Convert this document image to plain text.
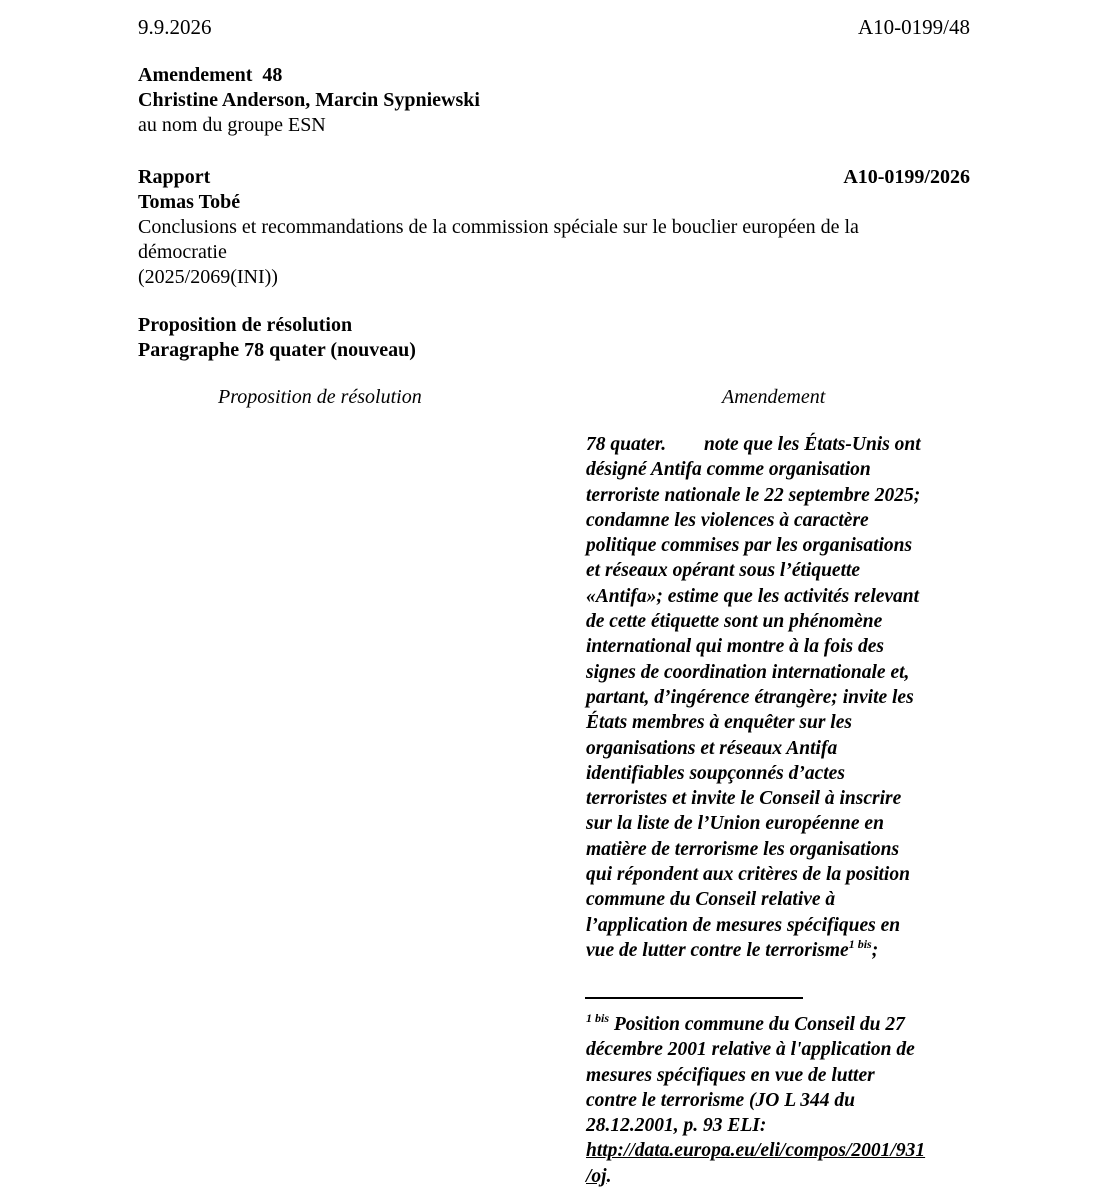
9.9.2026	A10-0199/48
Amendement  48
Christine Anderson, Marcin Sypniewski
au nom du groupe ESN
Rapport	A10-0199/2026
Tomas Tobé
Conclusions et recommandations de la commission spéciale sur le bouclier européen de la
démocratie
(2025/2069(INI))
Proposition de résolution
Paragraphe 78 quater (nouveau)
Proposition de résolution	Amendement
78 quater. note que les États-Unis ont
désigné Antifa comme organisation
terroriste nationale le 22 septembre 2025;
condamne les violences à caractère
politique commises par les organisations
et réseaux opérant sous l’étiquette
«Antifa»; estime que les activités relevant
de cette étiquette sont un phénomène
international qui montre à la fois des
signes de coordination internationale et,
partant, d’ingérence étrangère; invite les
États membres à enquêter sur les
organisations et réseaux Antifa
identifiables soupçonnés d’actes
terroristes et invite le Conseil à inscrire
sur la liste de l’Union européenne en
matière de terrorisme les organisations
qui répondent aux critères de la position
commune du Conseil relative à
l’application de mesures spécifiques en
vue de lutter contre le terrorisme$^{1 bis}$;
$^{1 bis}$ Position commune du Conseil du 27
décembre 2001 relative à l'application de
mesures spécifiques en vue de lutter
contre le terrorisme (JO L 344 du
28.12.2001, p. 93 ELI:
http://data.europa.eu/eli/compos/2001/931
/oj.
